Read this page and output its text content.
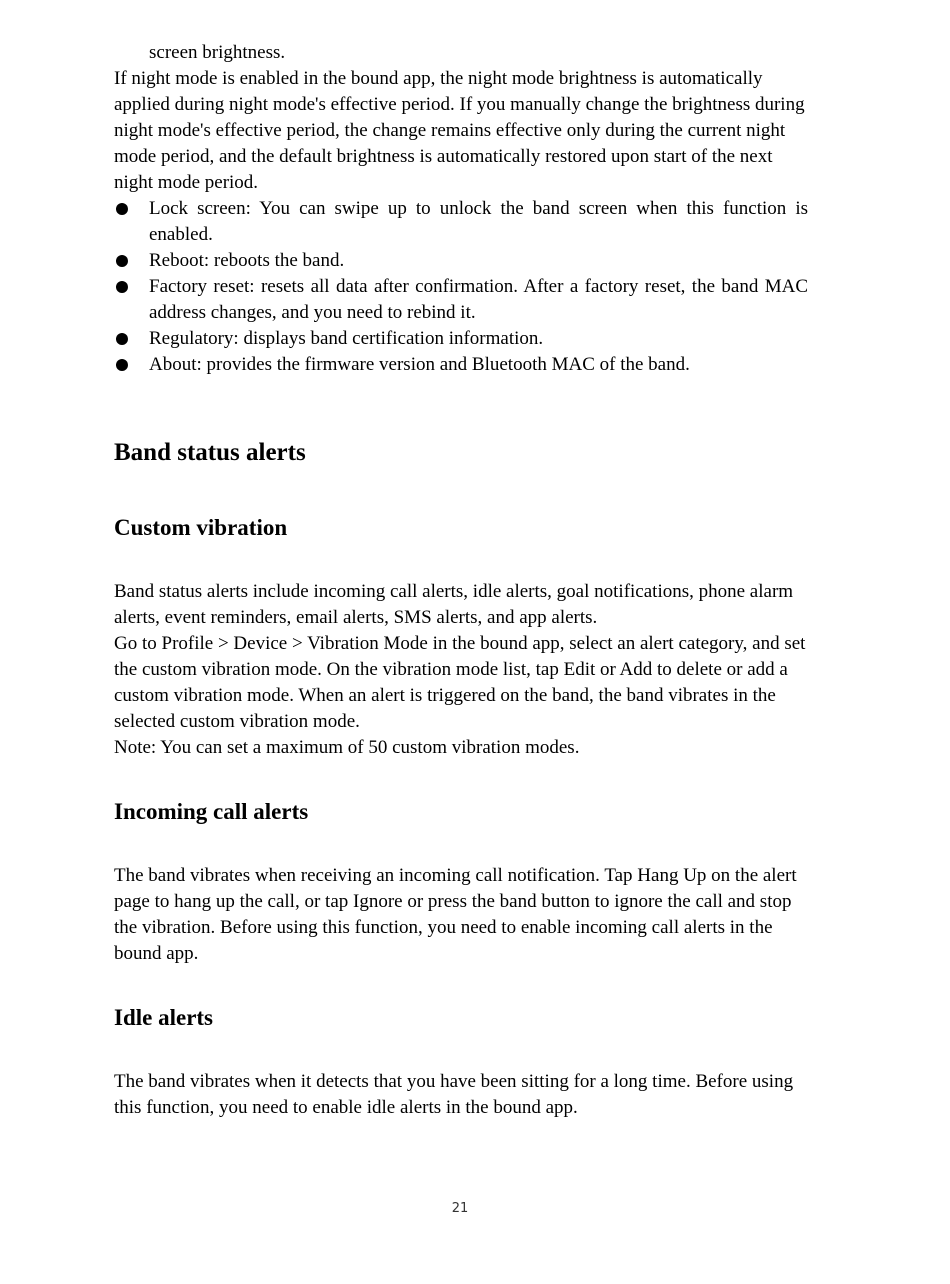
screen brightness.

If night mode is enabled in the bound app, the night mode brightness is automatically applied during night mode's effective period. If you manually change the brightness during night mode's effective period, the change remains effective only during the current night mode period, and the default brightness is automatically restored upon start of the next night mode period.

Lock screen: You can swipe up to unlock the band screen when this function is enabled.
Reboot: reboots the band.
Factory reset: resets all data after confirmation. After a factory reset, the band MAC address changes, and you need to rebind it.
Regulatory: displays band certification information.
About: provides the firmware version and Bluetooth MAC of the band.
Band status alerts
Custom vibration

Band status alerts include incoming call alerts, idle alerts, goal notifications, phone alarm alerts, event reminders, email alerts, SMS alerts, and app alerts.

Go to Profile > Device > Vibration Mode in the bound app, select an alert category, and set the custom vibration mode. On the vibration mode list, tap Edit or Add to delete or add a custom vibration mode. When an alert is triggered on the band, the band vibrates in the selected custom vibration mode.

Note: You can set a maximum of 50 custom vibration modes.

Incoming call alerts

The band vibrates when receiving an incoming call notification. Tap Hang Up on the alert page to hang up the call, or tap Ignore or press the band button to ignore the call and stop the vibration. Before using this function, you need to enable incoming call alerts in the bound app.

Idle alerts

The band vibrates when it detects that you have been sitting for a long time. Before using this function, you need to enable idle alerts in the bound app.

21
